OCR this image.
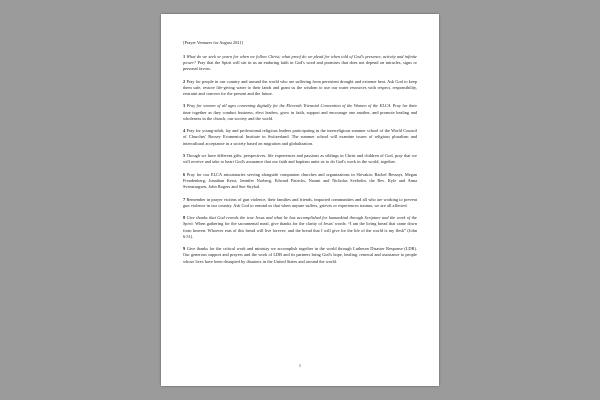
[Prayer Ventures for August 2021]

1 What do we seek or yearn for when we follow Christ; what proof do we plead for when told of God's presence, activity and infinite power? Pray that the Spirit will stir in us an enduring faith in God's word and promises that does not depend on miracles, signs or personal favors.

2 Pray for people in our country and around the world who are suffering from persistent drought and extreme heat. Ask God to keep them safe, restore life-giving water to their lands and grant us the wisdom to use our water resources with respect, responsibility, restraint and concern for the present and the future.

3 Pray for women of all ages convening digitally for the Eleventh Triennial Convention of the Women of the ELCA. Pray for their time together as they conduct business, elect leaders, grow in faith, support and encourage one another, and promote healing and wholeness in the church, our society and the world.

4 Pray for young-adult, lay and professional religious leaders participating in the interreligious summer school of the World Council of Churches' Bossey Ecumenical Institute in Switzerland. The summer school will examine issues of religious pluralism and intercultural acceptance in a society based on migration and globalization.

5 Though we have different gifts, perspectives, life experiences and passions as siblings in Christ and children of God, pray that we will receive and take to heart God's assurance that our faith and baptism unite us to do God's work in the world, together.

6 Pray for our ELCA missionaries serving alongside companion churches and organizations in Slovakia: Rachel Bessnyt, Megan Freudenberg, Jonathan Kerst, Jennifer Norberg, Edward Patricks, Naomi and Nicholas Svebolin, the Rev. Kyle and Anna Svensturgsen, John Rogers and Sue Strykal.

7 Remember in prayer victims of gun violence, their families and friends, impacted communities and all who are working to prevent gun violence in our country. Ask God to remind us that when anyone suffers, grieves or experiences trauma, we are all affected.

8 Give thanks that God reveals the true Jesus and what he has accomplished for humankind through Scripture and the work of the Spirit. When gathering for the sacramental meal, give thanks for the clarity of Jesus' words: “I am the living bread that came down from heaven. Whoever eats of this bread will live forever; and the bread that I will give for the life of the world is my flesh” (John 6:51).

9 Give thanks for the critical work and ministry we accomplish together in the world through Lutheran Disaster Response (LDR). Our generous support and prayers and the work of LDR and its partners bring God's hope, healing, renewal and assistance to people whose lives have been disrupted by disasters in the United States and around the world.

1
